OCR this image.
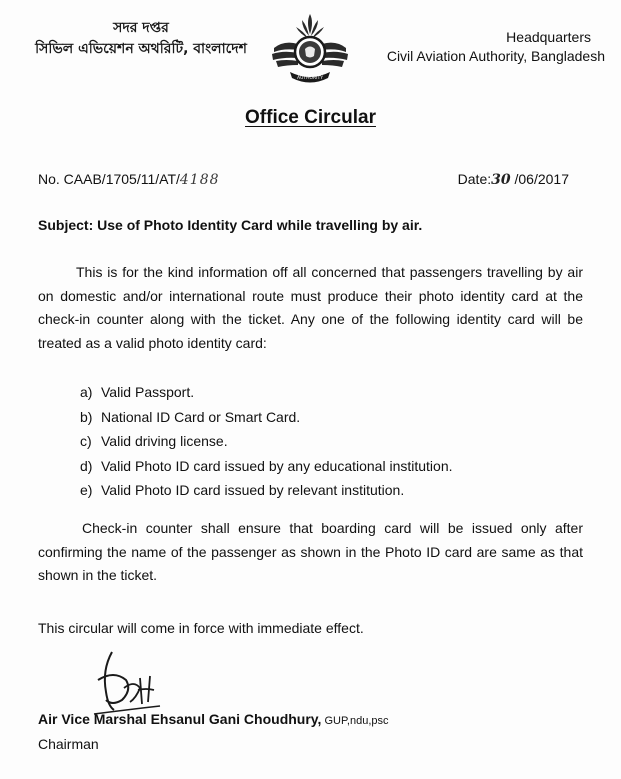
সদর দপ্তর
সিভিল এভিয়েশন অথরিটি, বাংলাদেশ
AUTHORITY
Headquarters
Civil Aviation Authority, Bangladesh
Office Circular
No. CAAB/1705/11/AT/4188	Date:30 /06/2017
Subject: Use of Photo Identity Card while travelling by air.

This is for the kind information off all concerned that passengers travelling by air on domestic and/or international route must produce their photo identity card at the check-in counter along with the ticket. Any one of the following identity card will be treated as a valid photo identity card:

a) Valid Passport.
b) National ID Card or Smart Card.
c) Valid driving license.
d) Valid Photo ID card issued by any educational institution.
e) Valid Photo ID card issued by relevant institution.

Check-in counter shall ensure that boarding card will be issued only after confirming the name of the passenger as shown in the Photo ID card are same as that shown in the ticket.

This circular will come in force with immediate effect.

Air Vice Marshal Ehsanul Gani Choudhury, GUP,ndu,psc
Chairman
